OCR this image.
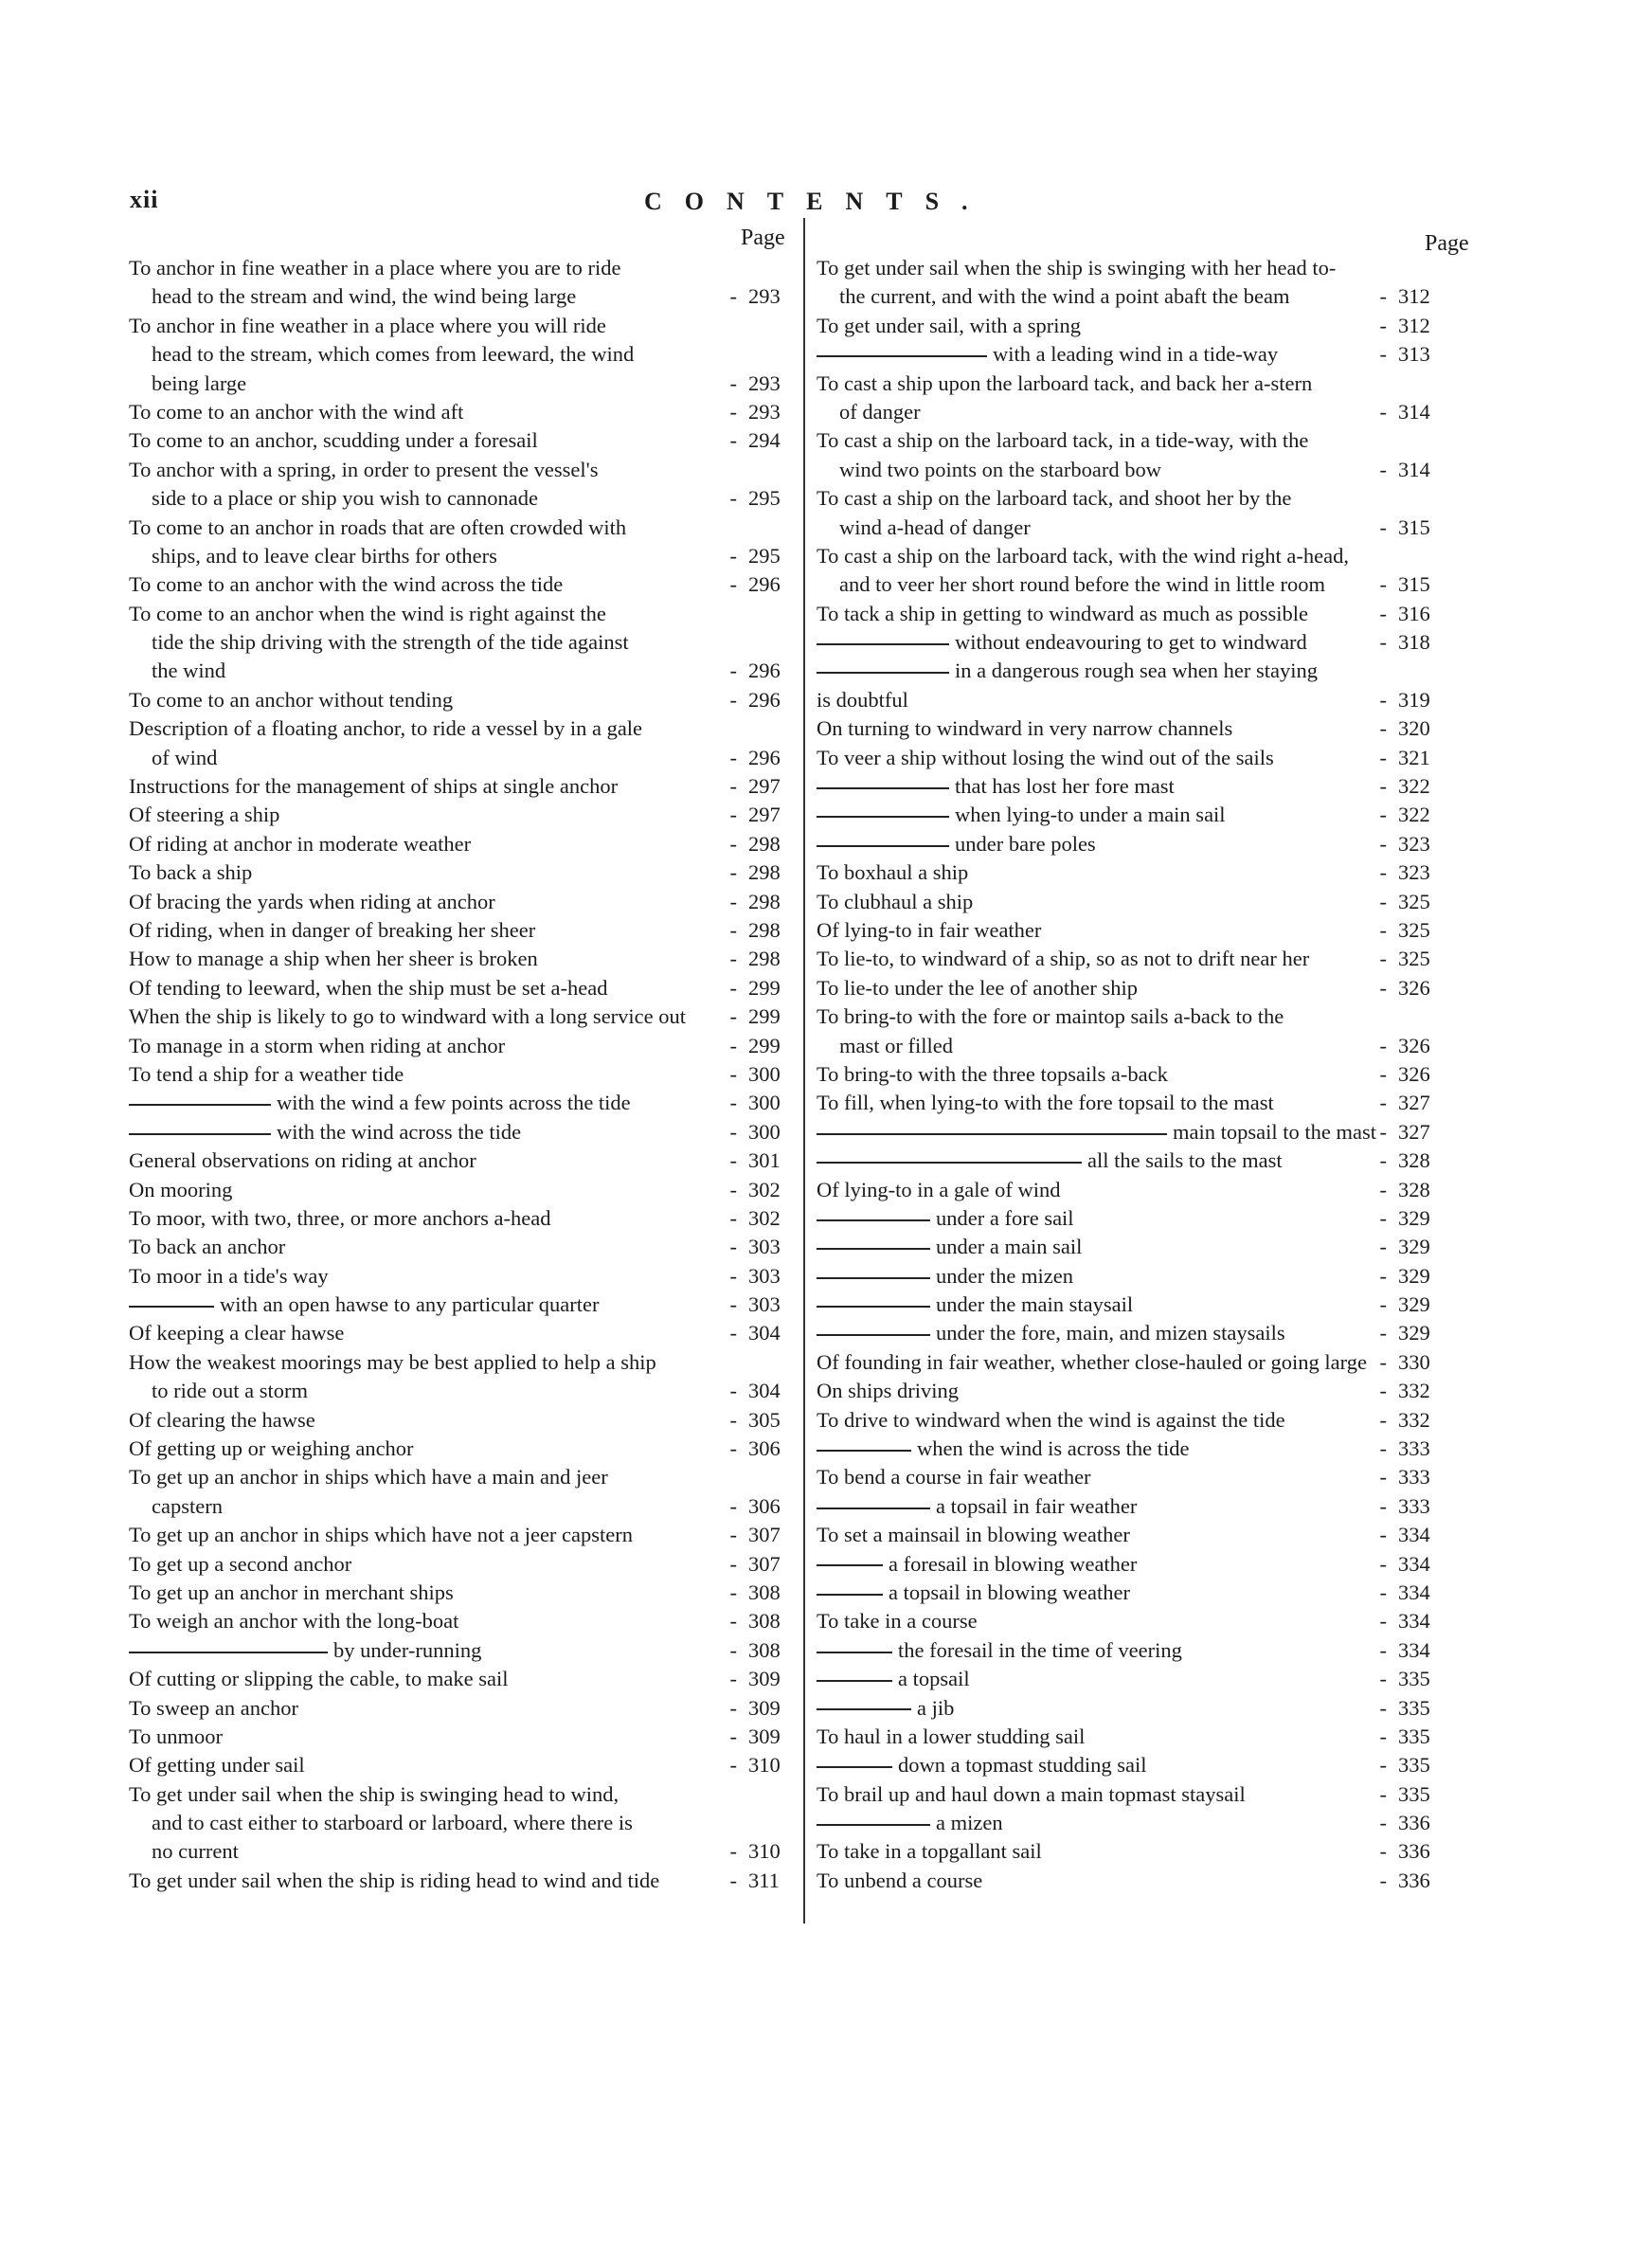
xii	CONTENTS.
Page	Page
To anchor in fine weather in a place where you are to ride
head to the stream and wind, the wind being large	- 293
To anchor in fine weather in a place where you will ride
head to the stream, which comes from leeward, the wind
being large	- 293
To come to an anchor with the wind aft	- 293
To come to an anchor, scudding under a foresail	- 294
To anchor with a spring, in order to present the vessel's
side to a place or ship you wish to cannonade	- 295
To come to an anchor in roads that are often crowded with
ships, and to leave clear births for others	- 295
To come to an anchor with the wind across the tide	- 296
To come to an anchor when the wind is right against the
tide the ship driving with the strength of the tide against
the wind	- 296
To come to an anchor without tending	- 296
Description of a floating anchor, to ride a vessel by in a gale
of wind	- 296
Instructions for the management of ships at single anchor	- 297
Of steering a ship	- 297
Of riding at anchor in moderate weather	- 298
To back a ship	- 298
Of bracing the yards when riding at anchor	- 298
Of riding, when in danger of breaking her sheer	- 298
How to manage a ship when her sheer is broken	- 298
Of tending to leeward, when the ship must be set a-head	- 299
When the ship is likely to go to windward with a long service out - 299
To manage in a storm when riding at anchor	- 299
To tend a ship for a weather tide	- 300
with the wind a few points across the tide	- 300
with the wind across the tide	- 300
General observations on riding at anchor	- 301
On mooring	- 302
To moor, with two, three, or more anchors a-head	- 302
To back an anchor	- 303
To moor in a tide's way	- 303
with an open hawse to any particular quarter	- 303
Of keeping a clear hawse	- 304
How the weakest moorings may be best applied to help a ship
to ride out a storm	- 304
Of clearing the hawse	- 305
Of getting up or weighing anchor	- 306
To get up an anchor in ships which have a main and jeer
capstern	- 306
To get up an anchor in ships which have not a jeer capstern	- 307
To get up a second anchor	- 307
To get up an anchor in merchant ships	- 308
To weigh an anchor with the long-boat	- 308
by under-running	- 308
Of cutting or slipping the cable, to make sail	- 309
To sweep an anchor	- 309
To unmoor	- 309
Of getting under sail	- 310
To get under sail when the ship is swinging head to wind,
and to cast either to starboard or larboard, where there is
no current	- 310
To get under sail when the ship is riding head to wind and tide	- 311
To get under sail when the ship is swinging with her head to-
the current, and with the wind a point abaft the beam	- 312
To get under sail, with a spring	- 312
with a leading wind in a tide-way	- 313
To cast a ship upon the larboard tack, and back her a-stern
of danger	- 314
To cast a ship on the larboard tack, in a tide-way, with the
wind two points on the starboard bow	- 314
To cast a ship on the larboard tack, and shoot her by the
wind a-head of danger	- 315
To cast a ship on the larboard tack, with the wind right a-head,
and to veer her short round before the wind in little room	- 315
To tack a ship in getting to windward as much as possible	- 316
without endeavouring to get to windward	- 318
in a dangerous rough sea when her staying
is doubtful	- 319
On turning to windward in very narrow channels	- 320
To veer a ship without losing the wind out of the sails	- 321
that has lost her fore mast	- 322
when lying-to under a main sail	- 322
under bare poles	- 323
To boxhaul a ship	- 323
To clubhaul a ship	- 325
Of lying-to in fair weather	- 325
To lie-to, to windward of a ship, so as not to drift near her	- 325
To lie-to under the lee of another ship	- 326
To bring-to with the fore or maintop sails a-back to the
mast or filled	- 326
To bring-to with the three topsails a-back	- 326
To fill, when lying-to with the fore topsail to the mast	- 327
main topsail to the mast - 327
all the sails to the mast	- 328
Of lying-to in a gale of wind	- 328
under a fore sail	- 329
under a main sail	- 329
under the mizen	- 329
under the main staysail	- 329
under the fore, main, and mizen staysails	- 329
Of founding in fair weather, whether close-hauled or going large - 330
On ships driving	- 332
To drive to windward when the wind is against the tide	- 332
when the wind is across the tide	- 333
To bend a course in fair weather	- 333
a topsail in fair weather	- 333
To set a mainsail in blowing weather	- 334
a foresail in blowing weather	- 334
a topsail in blowing weather	- 334
To take in a course	- 334
the foresail in the time of veering	- 334
a topsail	- 335
a jib	- 335
To haul in a lower studding sail	- 335
down a topmast studding sail	- 335
To brail up and haul down a main topmast staysail	- 335
a mizen	- 336
To take in a topgallant sail	- 336
To unbend a course	- 336
